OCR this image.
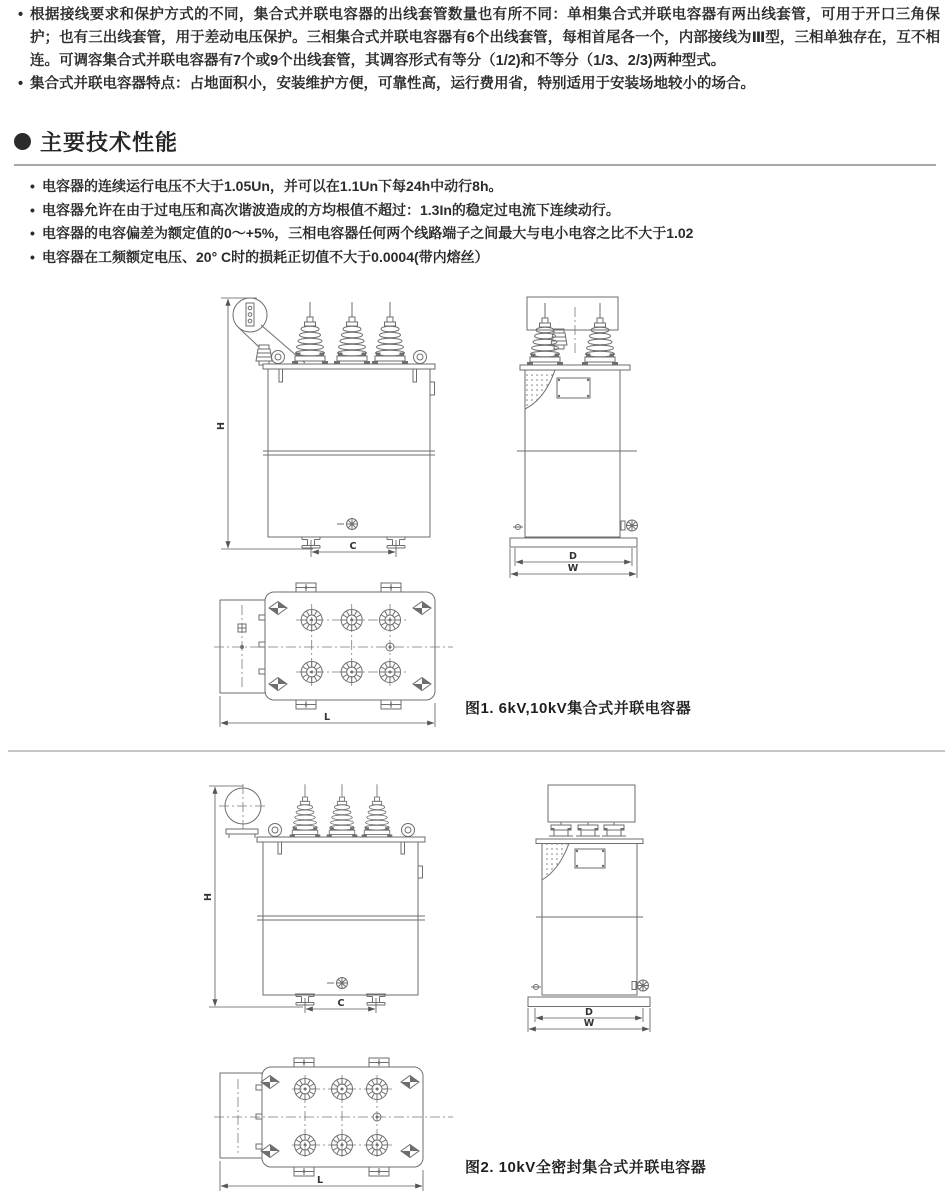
• 根据接线要求和保护方式的不同，集合式并联电容器的出线套管数量也有所不同：单相集合式并联电容器有两出线套管，可用于开口三角保护；也有三出线套管，用于差动电压保护。三相集合式并联电容器有6个出线套管，每相首尾各一个，内部接线为Ⅲ型，三相单独存在，互不相连。可调容集合式并联电容器有7个或9个出线套管，其调容形式有等分（1/2)和不等分（1/3、2/3)两种型式。
• 集合式并联电容器特点：占地面积小，安装维护方便，可靠性高，运行费用省，特别适用于安装场地较小的场合。
主要技术性能
• 电容器的连续运行电压不大于1.05Un，并可以在1.1Un下每24h中动行8h。
• 电容器允许在由于过电压和高次谐波造成的方均根值不超过：1.3In的稳定过电流下连续动行。
• 电容器的电容偏差为额定值的0～+5%，三相电容器任何两个线路端子之间最大与电小电容之比不大于1.02
• 电容器在工频额定电压、20° C时的损耗正切值不大于0.0004(带内熔丝）
H
C
D
W
L
图1. 6kV,10kV集合式并联电容器
H
C
D
W
L
图2. 10kV全密封集合式并联电容器
